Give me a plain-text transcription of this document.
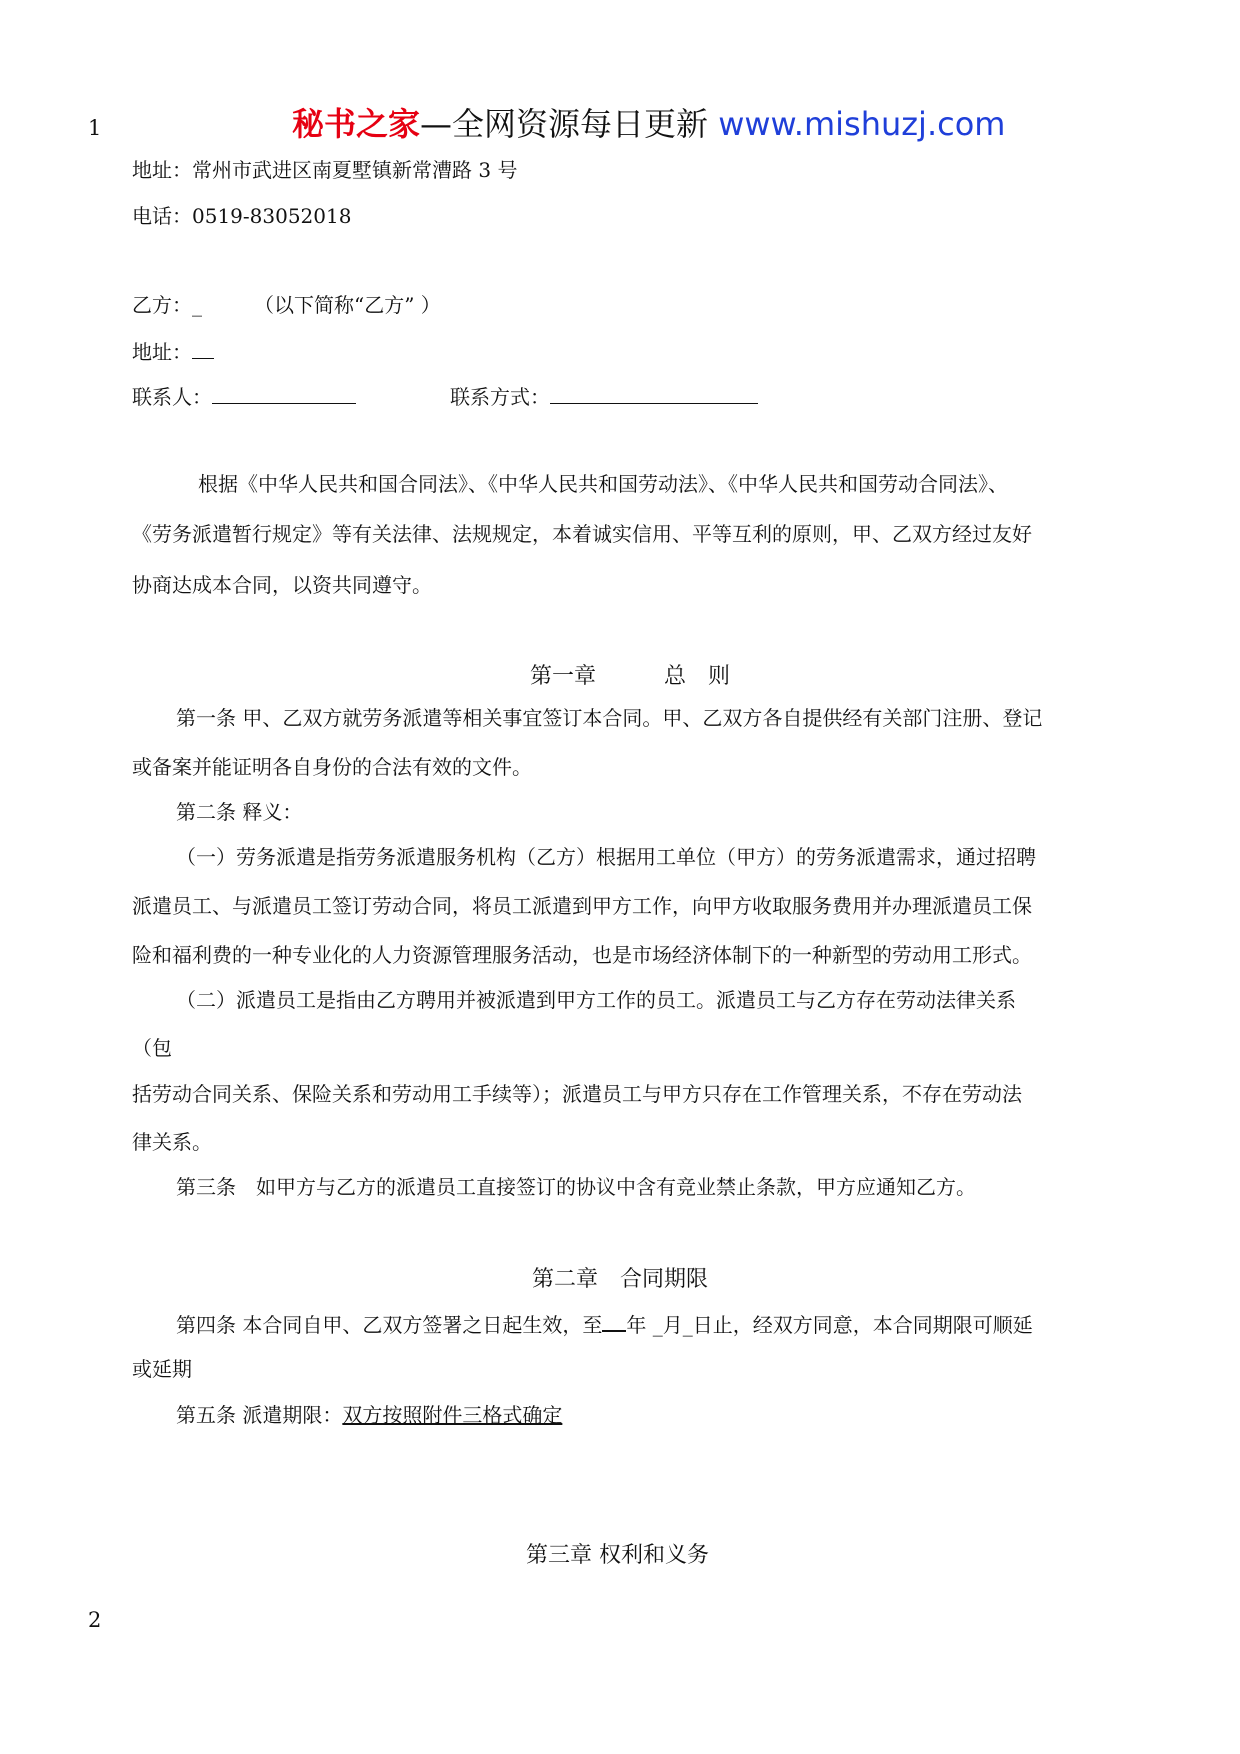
1
2
秘书之家—全网资源每日更新 www.mishuzj.com
地址：常州市武进区南夏墅镇新常漕路 3 号
电话：0519-83052018
乙方：_	（以下简称“乙方” ）
地址：
联系人：	联系方式：
根据《中华人民共和国合同法》、《中华人民共和国劳动法》、《中华人民共和国劳动合同法》、
《劳务派遣暂行规定》等有关法律、法规规定，本着诚实信用、平等互利的原则，甲、乙双方经过友好
协商达成本合同，以资共同遵守。
第一章	总　则
第一条 甲、乙双方就劳务派遣等相关事宜签订本合同。甲、乙双方各自提供经有关部门注册、登记
或备案并能证明各自身份的合法有效的文件。
第二条 释义：
（一）劳务派遣是指劳务派遣服务机构（乙方）根据用工单位（甲方）的劳务派遣需求，通过招聘
派遣员工、与派遣员工签订劳动合同，将员工派遣到甲方工作，向甲方收取服务费用并办理派遣员工保
险和福利费的一种专业化的人力资源管理服务活动，也是市场经济体制下的一种新型的劳动用工形式。
（二）派遣员工是指由乙方聘用并被派遣到甲方工作的员工。派遣员工与乙方存在劳动法律关系
（包
括劳动合同关系、保险关系和劳动用工手续等）；派遣员工与甲方只存在工作管理关系，不存在劳动法
律关系。
第三条　如甲方与乙方的派遣员工直接签订的协议中含有竞业禁止条款，甲方应通知乙方。
第二章　合同期限
第四条 本合同自甲、乙双方签署之日起生效，至 年 _月_日止，经双方同意，本合同期限可顺延
或延期
第五条 派遣期限：双方按照附件三格式确定
第三章 权利和义务
